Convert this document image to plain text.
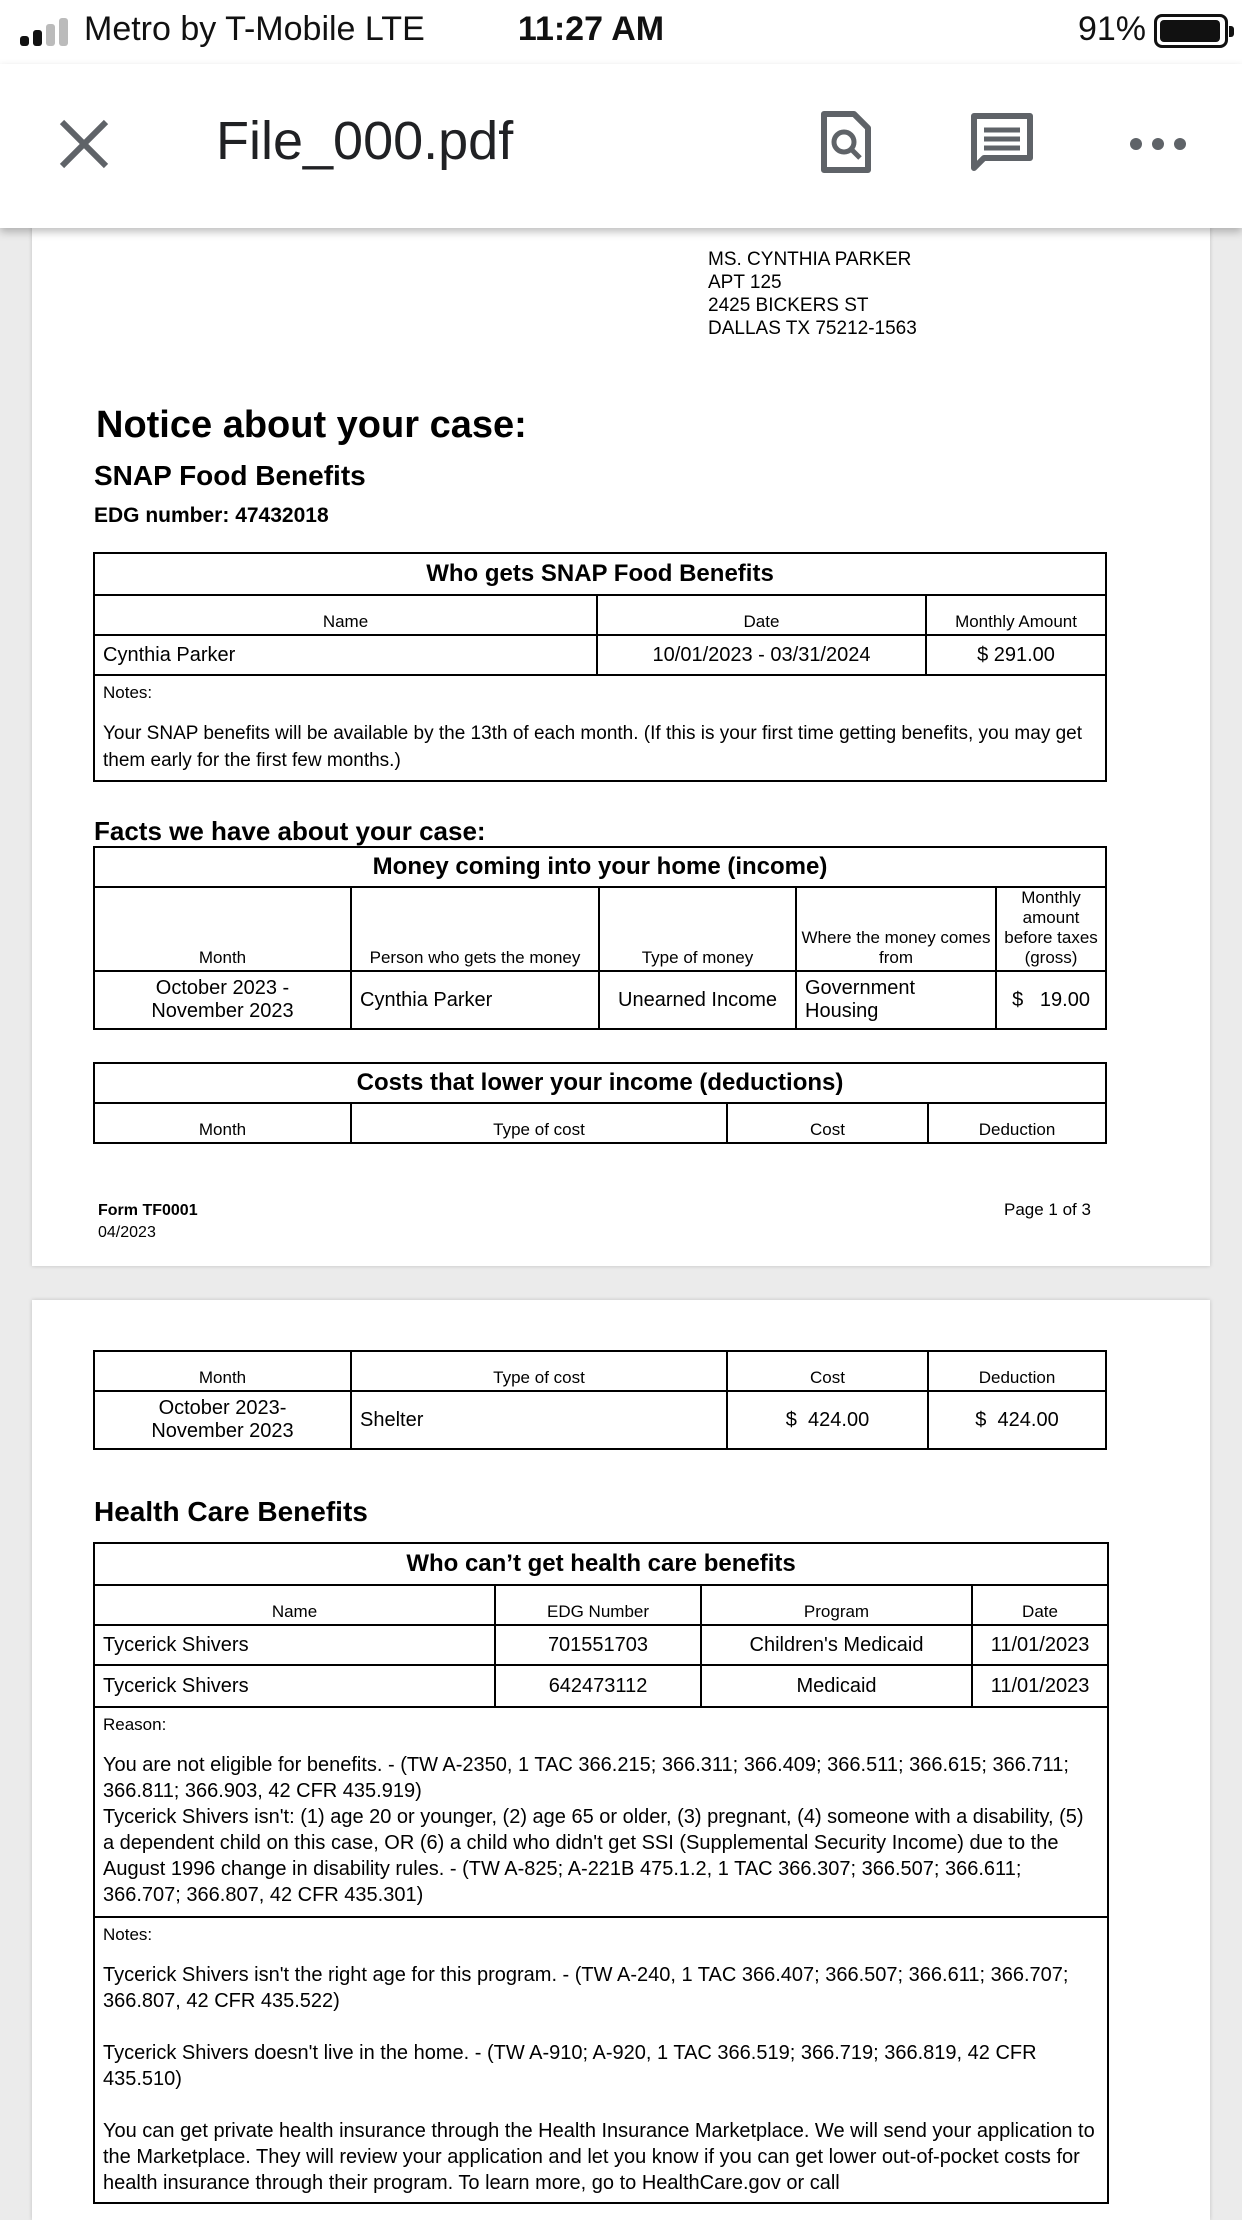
Metro by T-Mobile LTE	11:27 AM	91%
File_000.pdf
MS. CYNTHIA PARKER
APT 125
2425 BICKERS ST
DALLAS TX 75212-1563
Notice about your case:
SNAP Food Benefits
EDG number: 47432018
Who gets SNAP Food Benefits		
Name	Date	Monthly Amount
Cynthia Parker	10/01/2023 - 03/31/2024	$ 291.00

Notes:
Your SNAP benefits will be available by the 13th of each month. (If this is your first time getting benefits, you may get them early for the first few months.)		
Facts we have about your case:
Money coming into your home (income)				
Month	Person who gets the money	Type of money	Where the money comes from	Monthly amount before taxes (gross)
October 2023 - November 2023	Cynthia Parker	Unearned Income	Government Housing	$   19.00
Costs that lower your income (deductions)
Month	Type of cost	Cost	Deduction
Form TF0001
04/2023
Page 1 of 3
Month	Type of cost	Cost	Deduction
October 2023- November 2023	Shelter	$  424.00	$  424.00
Health Care Benefits
Who can’t get health care benefits			
Name	EDG Number	Program	Date
Tycerick Shivers	701551703	Children's Medicaid	11/01/2023
Tycerick Shivers	642473112	Medicaid	11/01/2023

Reason:
You are not eligible for benefits. - (TW A-2350, 1 TAC 366.215; 366.311; 366.409; 366.511; 366.615; 366.711; 366.811; 366.903, 42 CFR 435.919)
Tycerick Shivers isn't: (1) age 20 or younger, (2) age 65 or older, (3) pregnant, (4) someone with a disability, (5) a dependent child on this case, OR (6) a child who didn't get SSI (Supplemental Security Income) due to the August 1996 change in disability rules. - (TW A-825; A-221B 475.1.2, 1 TAC 366.307; 366.507; 366.611; 366.707; 366.807, 42 CFR 435.301)			

Notes:
Tycerick Shivers isn't the right age for this program. - (TW A-240, 1 TAC 366.407; 366.507; 366.611; 366.707; 366.807, 42 CFR 435.522)
Tycerick Shivers doesn't live in the home. - (TW A-910; A-920, 1 TAC 366.519; 366.719; 366.819, 42 CFR 435.510)
You can get private health insurance through the Health Insurance Marketplace. We will send your application to the Marketplace. They will review your application and let you know if you can get lower out-of-pocket costs for health insurance through their program. To learn more, go to HealthCare.gov or call			
